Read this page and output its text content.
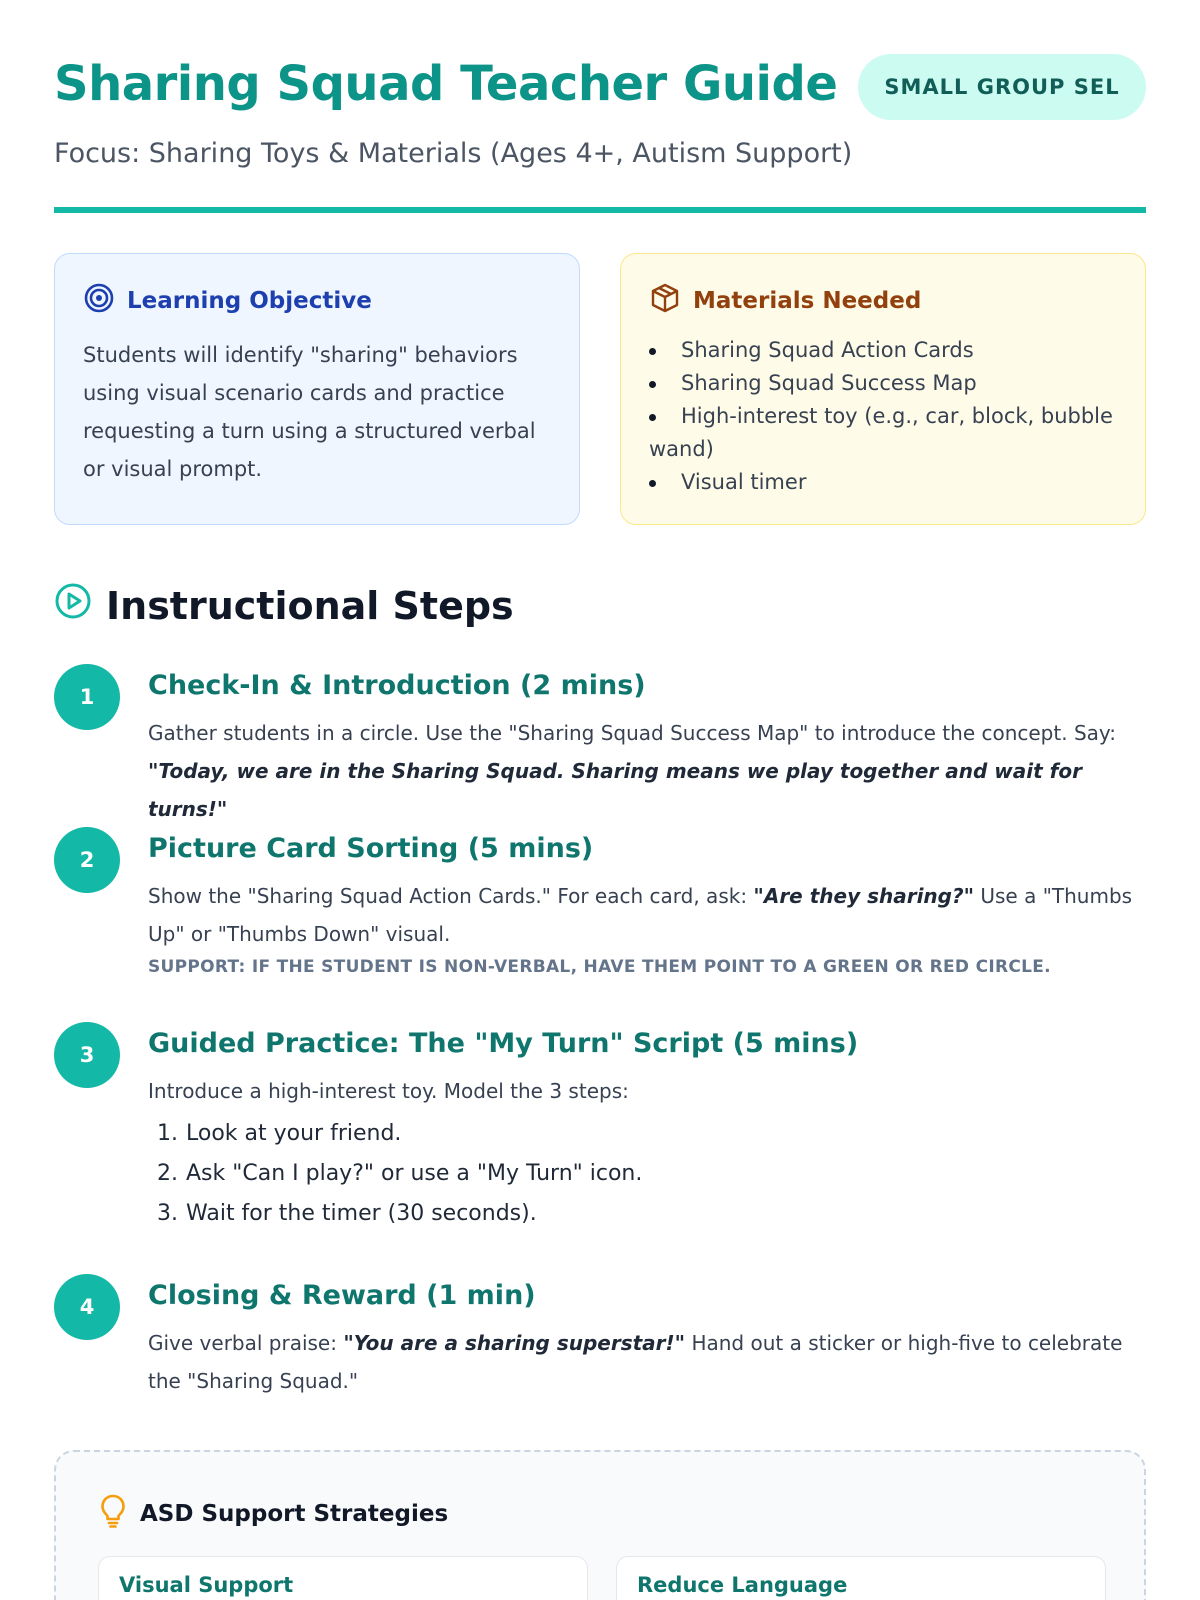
Sharing Squad Teacher Guide	SMALL GROUP SEL
Focus: Sharing Toys & Materials (Ages 4+, Autism Support)
Learning Objective
Students will identify "sharing" behaviors using visual scenario cards and practice requesting a turn using a structured verbal or visual prompt.
Materials Needed
Sharing Squad Action Cards
Sharing Squad Success Map
High-interest toy (e.g., car, block, bubble wand)
Visual timer
Instructional Steps
1	Check-In & Introduction (2 mins)
Gather students in a circle. Use the "Sharing Squad Success Map" to introduce the concept. Say:
"Today, we are in the Sharing Squad. Sharing means we play together and wait for turns!"
2	Picture Card Sorting (5 mins)
Show the "Sharing Squad Action Cards." For each card, ask: "Are they sharing?" Use a "Thumbs Up" or "Thumbs Down" visual.
SUPPORT: IF THE STUDENT IS NON-VERBAL, HAVE THEM POINT TO A GREEN OR RED CIRCLE.
3	Guided Practice: The "My Turn" Script (5 mins)
Introduce a high-interest toy. Model the 3 steps:
1. Look at your friend.
2. Ask "Can I play?" or use a "My Turn" icon.
3. Wait for the timer (30 seconds).
4	Closing & Reward (1 min)
Give verbal praise: "You are a sharing superstar!" Hand out a sticker or high-five to celebrate the "Sharing Squad."
ASD Support Strategies
Visual Support	Reduce Language
